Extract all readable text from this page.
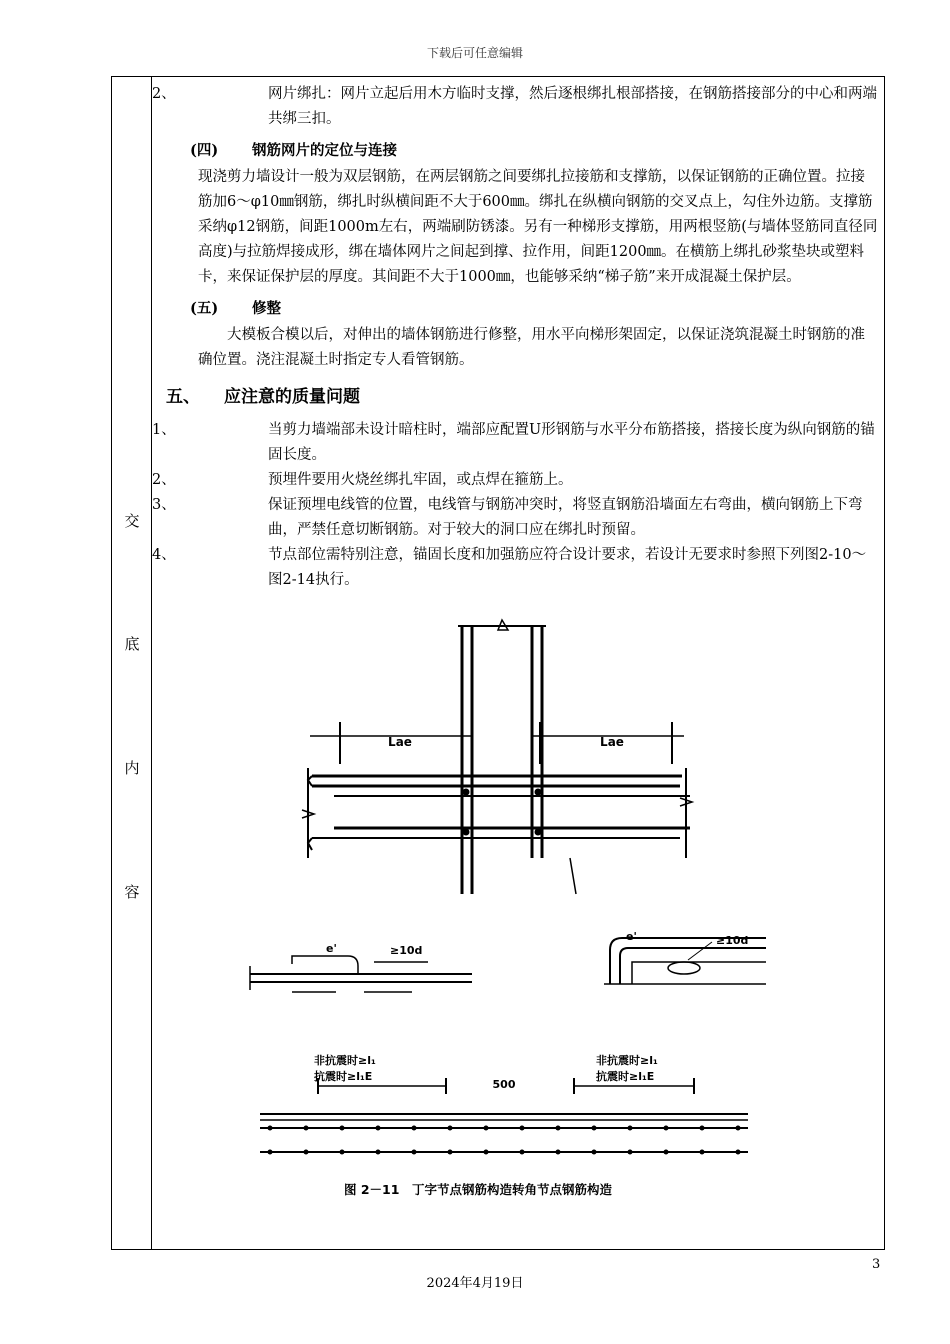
下载后可任意编辑
交
底
内
容

2、	网片绑扎：网片立起后用木方临时支撑，然后逐根绑扎根部搭接，在钢筋搭接部分的中心和两端共绑三扣。

(四) 钢筋网片的定位与连接

现浇剪力墙设计一般为双层钢筋，在两层钢筋之间要绑扎拉接筋和支撑筋，以保证钢筋的正确位置。拉接筋加6～φ10㎜钢筋，绑扎时纵横间距不大于600㎜。绑扎在纵横向钢筋的交叉点上，勾住外边筋。支撑筋采纳φ12钢筋，间距1000m左右，两端刷防锈漆。另有一种梯形支撑筋，用两根竖筋(与墙体竖筋同直径同高度)与拉筋焊接成形，绑在墙体网片之间起到撑、拉作用，间距1200㎜。在横筋上绑扎砂浆垫块或塑料卡，来保证保护层的厚度。其间距不大于1000㎜，也能够采纳“梯子筋”来开成混凝土保护层。

(五) 修整

大模板合模以后，对伸出的墙体钢筋进行修整，用水平向梯形架固定，以保证浇筑混凝土时钢筋的准确位置。浇注混凝土时指定专人看管钢筋。

五、 应注意的质量问题

1、	当剪力墙端部未设计暗柱时，端部应配置U形钢筋与水平分布筋搭接，搭接长度为纵向钢筋的锚固长度。

2、	预埋件要用火烧丝绑扎牢固，或点焊在箍筋上。

3、	保证预埋电线管的位置，电线管与钢筋冲突时，将竖直钢筋沿墙面左右弯曲，横向钢筋上下弯曲，严禁任意切断钢筋。对于较大的洞口应在绑扎时预留。

4、	节点部位需特别注意，锚固长度和加强筋应符合设计要求，若设计无要求时参照下列图2-10～图2-14执行。

Lae	Lae
e'	≥10d
e'	≥10d
非抗震时≥l₁
抗震时≥l₁E
非抗震时≥l₁
抗震时≥l₁E
500
图 2－11　丁字节点钢筋构造转角节点钢筋构造
3
2024年4月19日
